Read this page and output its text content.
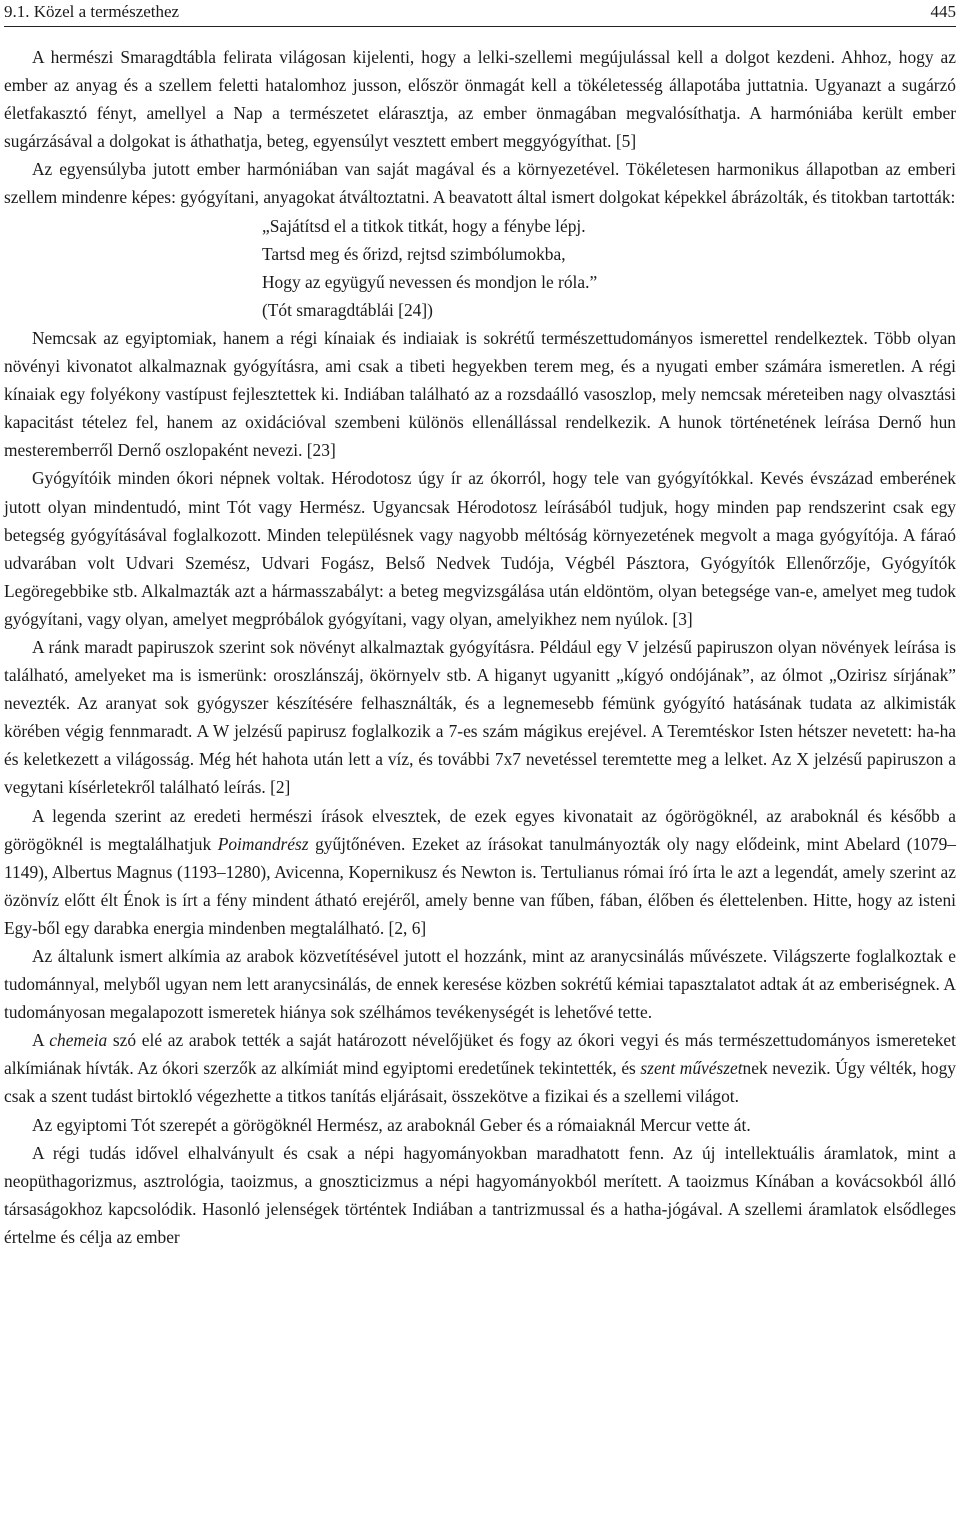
9.1. Közel a természethez	445

A hermészi Smaragdtábla felirata világosan kijelenti, hogy a lelki-szellemi megújulással kell a dolgot kezdeni. Ahhoz, hogy az ember az anyag és a szellem feletti hatalomhoz jusson, először önmagát kell a tökéletesség állapotába juttatnia. Ugyanazt a sugárzó életfakasztó fényt, amellyel a Nap a természetet elárasztja, az ember önmagában megvalósíthatja. A harmóniába került ember sugárzásával a dolgokat is áthathatja, beteg, egyensúlyt vesztett embert meggyógyíthat. [5]

Az egyensúlyba jutott ember harmóniában van saját magával és a környezetével. Tökéletesen harmonikus állapotban az emberi szellem mindenre képes: gyógyítani, anyagokat átváltoztatni. A beavatott által ismert dolgokat képekkel ábrázolták, és titokban tartották:

„Sajátítsd el a titkok titkát, hogy a fénybe lépj.
Tartsd meg és őrizd, rejtsd szimbólumokba,
Hogy az együgyű nevessen és mondjon le róla.”
(Tót smaragdtáblái [24])

Nemcsak az egyiptomiak, hanem a régi kínaiak és indiaiak is sokrétű természettudományos ismerettel rendelkeztek. Több olyan növényi kivonatot alkalmaznak gyógyításra, ami csak a tibeti hegyekben terem meg, és a nyugati ember számára ismeretlen. A régi kínaiak egy folyékony vastípust fejlesztettek ki. Indiában található az a rozsdaálló vasoszlop, mely nemcsak méreteiben nagy olvasztási kapacitást tételez fel, hanem az oxidációval szembeni különös ellenállással rendelkezik. A hunok történetének leírása Dernő hun mesteremberről Dernő oszlopaként nevezi. [23]

Gyógyítóik minden ókori népnek voltak. Hérodotosz úgy ír az ókorról, hogy tele van gyógyítókkal. Kevés évszázad emberének jutott olyan mindentudó, mint Tót vagy Hermész. Ugyancsak Hérodotosz leírásából tudjuk, hogy minden pap rendszerint csak egy betegség gyógyításával foglalkozott. Minden településnek vagy nagyobb méltóság környezetének megvolt a maga gyógyítója. A fáraó udvarában volt Udvari Szemész, Udvari Fogász, Belső Nedvek Tudója, Végbél Pásztora, Gyógyítók Ellenőrzője, Gyógyítók Legöregebbike stb. Alkalmazták azt a hármasszabályt: a beteg megvizsgálása után eldöntöm, olyan betegsége van-e, amelyet meg tudok gyógyítani, vagy olyan, amelyet megpróbálok gyógyítani, vagy olyan, amelyikhez nem nyúlok. [3]

A ránk maradt papiruszok szerint sok növényt alkalmaztak gyógyításra. Például egy V jelzésű papiruszon olyan növények leírása is található, amelyeket ma is ismerünk: oroszlánszáj, ökörnyelv stb. A higanyt ugyanitt „kígyó ondójának”, az ólmot „Ozirisz sírjának” nevezték. Az aranyat sok gyógyszer készítésére felhasználták, és a legnemesebb fémünk gyógyító hatásának tudata az alkimisták körében végig fennmaradt. A W jelzésű papirusz foglalkozik a 7-es szám mágikus erejével. A Teremtéskor Isten hétszer nevetett: ha-ha és keletkezett a világosság. Még hét hahota után lett a víz, és további 7x7 nevetéssel teremtette meg a lelket. Az X jelzésű papiruszon a vegytani kísérletekről található leírás. [2]

A legenda szerint az eredeti hermészi írások elvesztek, de ezek egyes kivonatait az ógörögöknél, az araboknál és később a görögöknél is megtalálhatjuk Poimandrész gyűjtőnéven. Ezeket az írásokat tanulmányozták oly nagy elődeink, mint Abelard (1079–1149), Albertus Magnus (1193–1280), Avicenna, Kopernikusz és Newton is. Tertulianus római író írta le azt a legendát, amely szerint az özönvíz előtt élt Énok is írt a fény mindent átható erejéről, amely benne van fűben, fában, élőben és élettelenben. Hitte, hogy az isteni Egy-ből egy darabka energia mindenben megtalálható. [2, 6]

Az általunk ismert alkímia az arabok közvetítésével jutott el hozzánk, mint az aranycsinálás művészete. Világszerte foglalkoztak e tudománnyal, melyből ugyan nem lett aranycsinálás, de ennek keresése közben sokrétű kémiai tapasztalatot adtak át az emberiségnek. A tudományosan megalapozott ismeretek hiánya sok szélhámos tevékenységét is lehetővé tette.

A chemeia szó elé az arabok tették a saját határozott névelőjüket és fogy az ókori vegyi és más természettudományos ismereteket alkímiának hívták. Az ókori szerzők az alkímiát mind egyiptomi eredetűnek tekintették, és szent művészetnek nevezik. Úgy vélték, hogy csak a szent tudást birtokló végezhette a titkos tanítás eljárásait, összekötve a fizikai és a szellemi világot.

Az egyiptomi Tót szerepét a görögöknél Hermész, az araboknál Geber és a rómaiaknál Mercur vette át.

A régi tudás idővel elhalványult és csak a népi hagyományokban maradhatott fenn. Az új intellektuális áramlatok, mint a neopüthagorizmus, asztrológia, taoizmus, a gnoszticizmus a népi hagyományokból merített. A taoizmus Kínában a kovácsokból álló társaságokhoz kapcsolódik. Hasonló jelenségek történtek Indiában a tantrizmussal és a hatha-jógával. A szellemi áramlatok elsődleges értelme és célja az ember
